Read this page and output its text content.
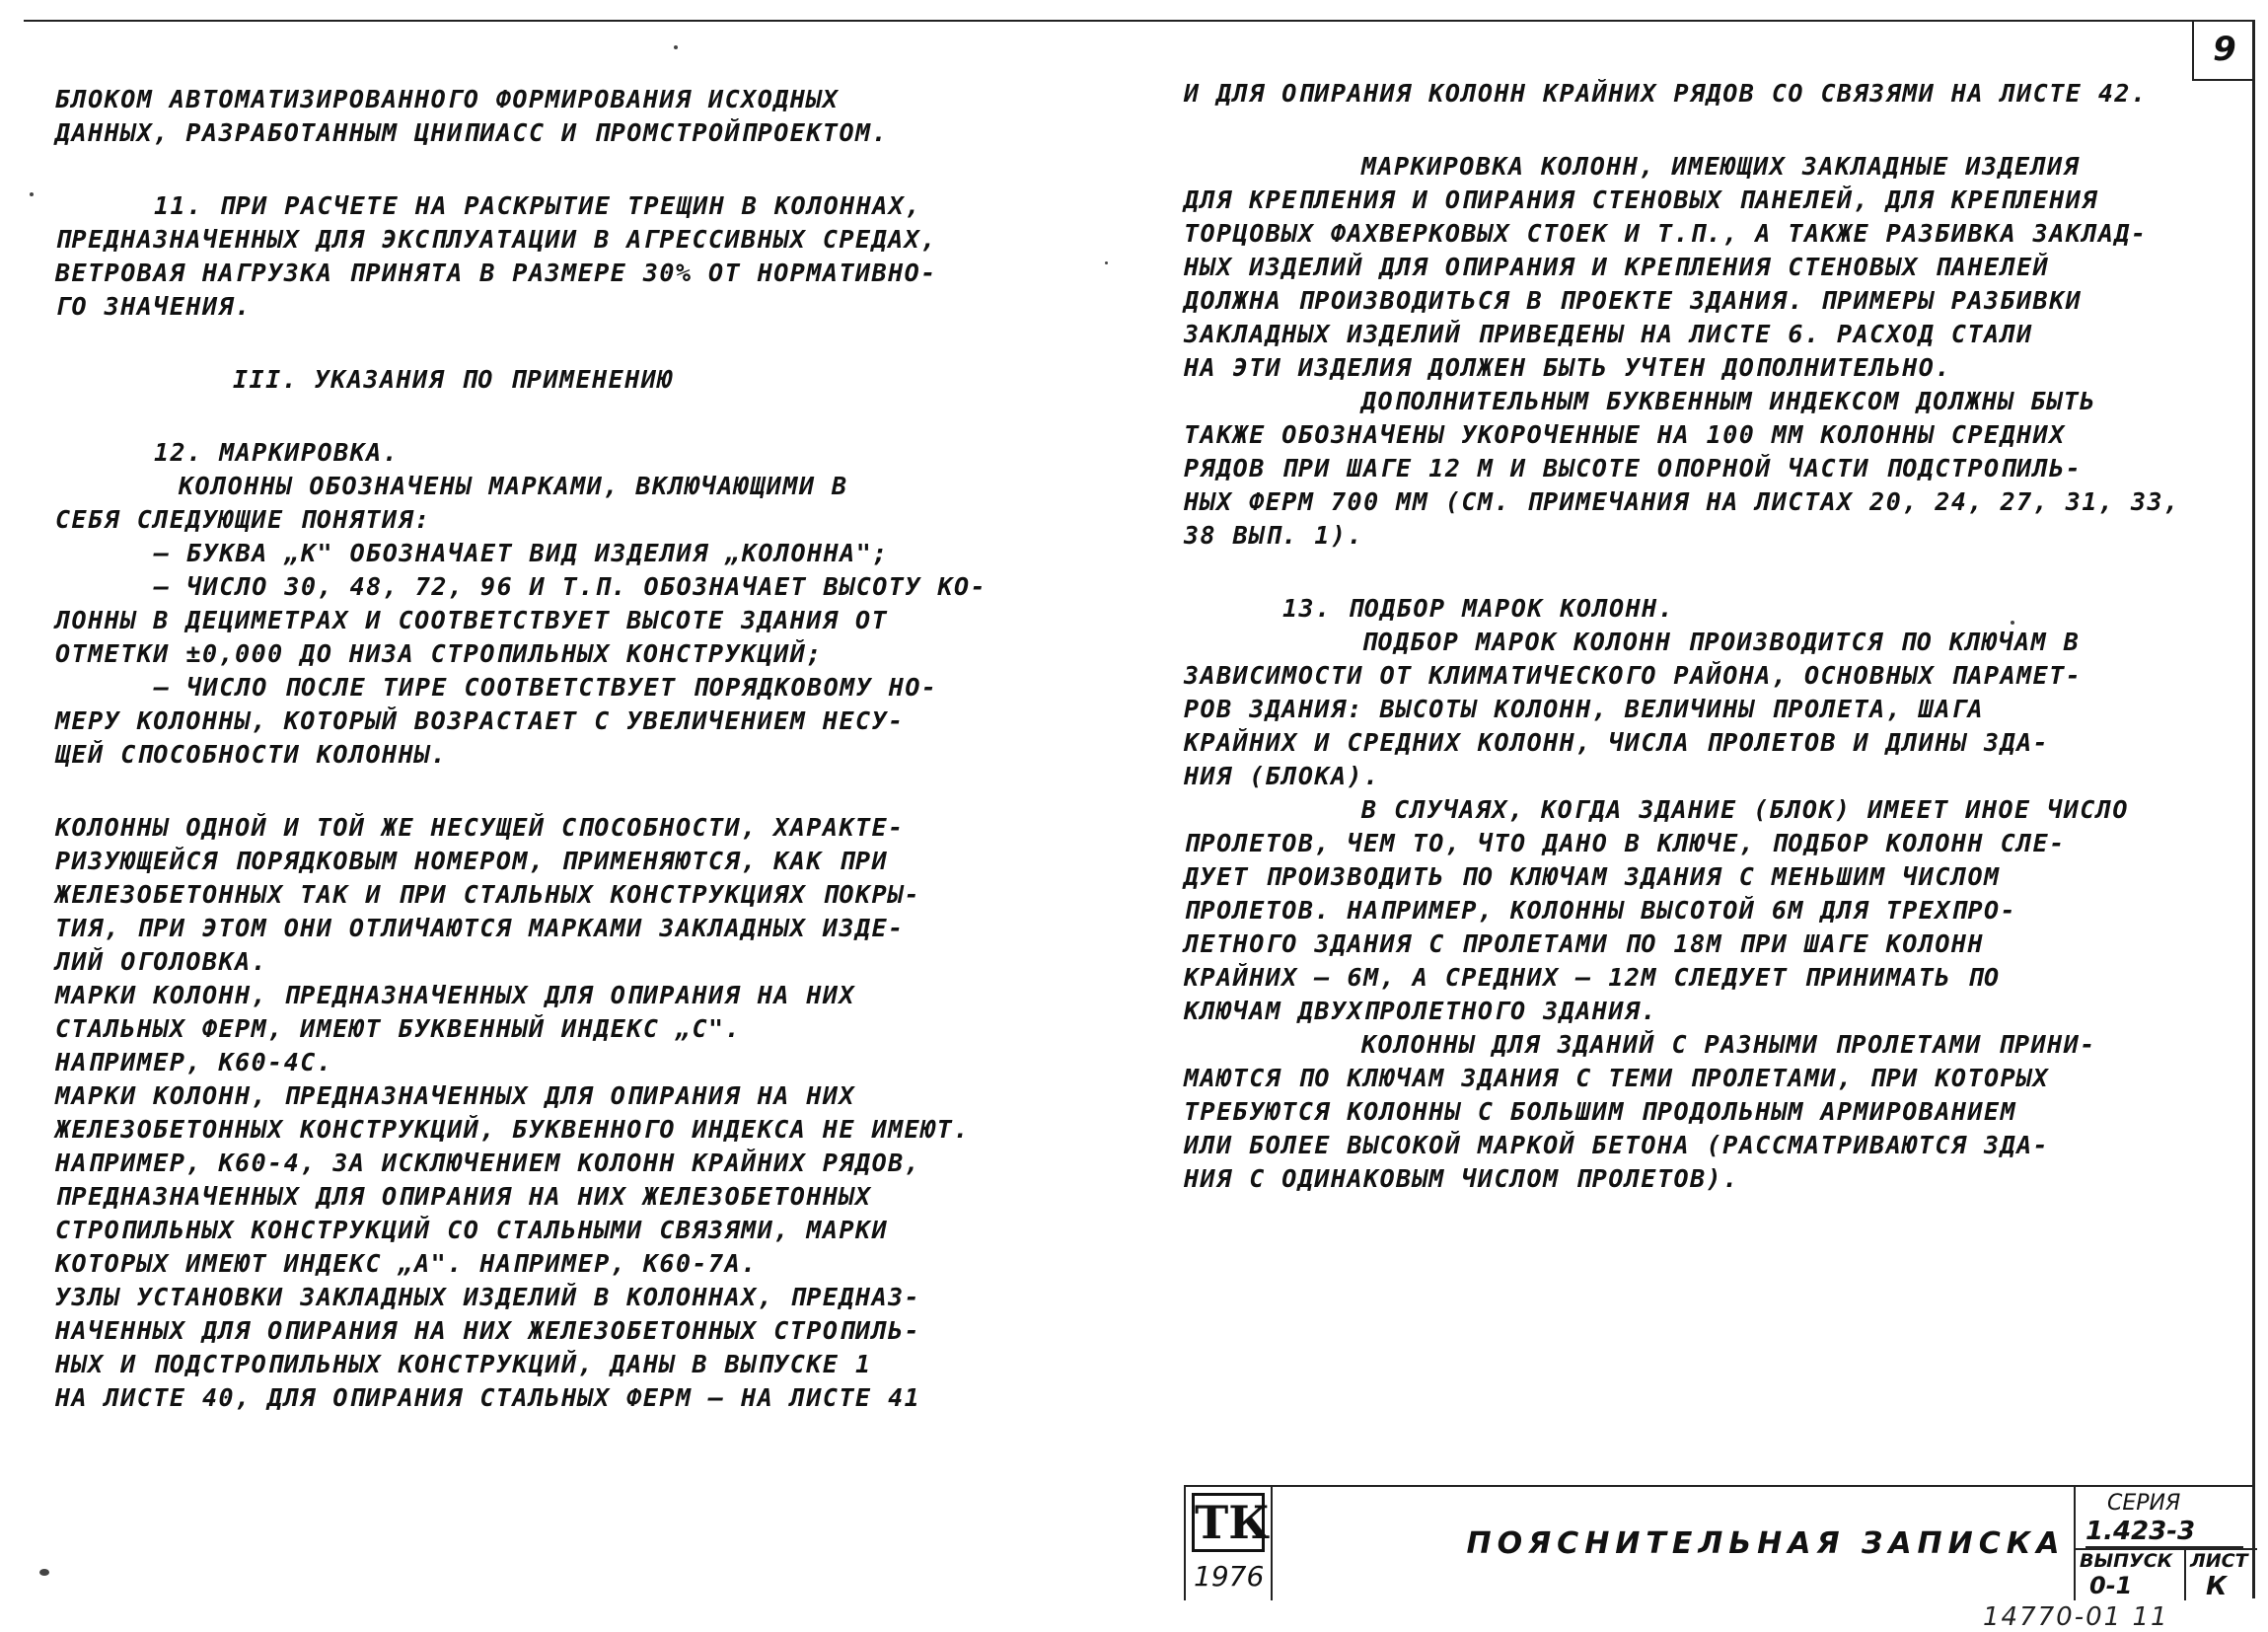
9
БЛОКОМ АВТОМАТИЗИРОВАННОГО ФОРМИРОВАНИЯ ИСХОДНЫХ
ДАННЫХ, РАЗРАБОТАННЫМ ЦНИПИАСС И ПРОМСТРОЙПРОЕКТОМ.
11. ПРИ РАСЧЕТЕ НА РАСКРЫТИЕ ТРЕЩИН В КОЛОННАХ,
ПРЕДНАЗНАЧЕННЫХ ДЛЯ ЭКСПЛУАТАЦИИ В АГРЕССИВНЫХ СРЕДАХ,
ВЕТРОВАЯ НАГРУЗКА ПРИНЯТА В РАЗМЕРЕ 30% ОТ НОРМАТИВНО-
ГО ЗНАЧЕНИЯ.
III. УКАЗАНИЯ ПО ПРИМЕНЕНИЮ
12. МАРКИРОВКА.
КОЛОННЫ ОБОЗНАЧЕНЫ МАРКАМИ, ВКЛЮЧАЮЩИМИ В
СЕБЯ СЛЕДУЮЩИЕ ПОНЯТИЯ:
— БУКВА „К" ОБОЗНАЧАЕТ ВИД ИЗДЕЛИЯ „КОЛОННА";
— ЧИСЛО 30, 48, 72, 96 И Т.П. ОБОЗНАЧАЕТ ВЫСОТУ КО-
ЛОННЫ В ДЕЦИМЕТРАХ И СООТВЕТСТВУЕТ ВЫСОТЕ ЗДАНИЯ ОТ
ОТМЕТКИ ±0,000 ДО НИЗА СТРОПИЛЬНЫХ КОНСТРУКЦИЙ;
— ЧИСЛО ПОСЛЕ ТИРЕ СООТВЕТСТВУЕТ ПОРЯДКОВОМУ НО-
МЕРУ КОЛОННЫ, КОТОРЫЙ ВОЗРАСТАЕТ С УВЕЛИЧЕНИЕМ НЕСУ-
ЩЕЙ СПОСОБНОСТИ КОЛОННЫ.
КОЛОННЫ ОДНОЙ И ТОЙ ЖЕ НЕСУЩЕЙ СПОСОБНОСТИ, ХАРАКТЕ-
РИЗУЮЩЕЙСЯ ПОРЯДКОВЫМ НОМЕРОМ, ПРИМЕНЯЮТСЯ, КАК ПРИ
ЖЕЛЕЗОБЕТОННЫХ ТАК И ПРИ СТАЛЬНЫХ КОНСТРУКЦИЯХ ПОКРЫ-
ТИЯ, ПРИ ЭТОМ ОНИ ОТЛИЧАЮТСЯ МАРКАМИ ЗАКЛАДНЫХ ИЗДЕ-
ЛИЙ ОГОЛОВКА.
МАРКИ КОЛОНН, ПРЕДНАЗНАЧЕННЫХ ДЛЯ ОПИРАНИЯ НА НИХ
СТАЛЬНЫХ ФЕРМ, ИМЕЮТ БУКВЕННЫЙ ИНДЕКС „С".
НАПРИМЕР, К60-4С.
МАРКИ КОЛОНН, ПРЕДНАЗНАЧЕННЫХ ДЛЯ ОПИРАНИЯ НА НИХ
ЖЕЛЕЗОБЕТОННЫХ КОНСТРУКЦИЙ, БУКВЕННОГО ИНДЕКСА НЕ ИМЕЮТ.
НАПРИМЕР, К60-4, ЗА ИСКЛЮЧЕНИЕМ КОЛОНН КРАЙНИХ РЯДОВ,
ПРЕДНАЗНАЧЕННЫХ ДЛЯ ОПИРАНИЯ НА НИХ ЖЕЛЕЗОБЕТОННЫХ
СТРОПИЛЬНЫХ КОНСТРУКЦИЙ СО СТАЛЬНЫМИ СВЯЗЯМИ, МАРКИ
КОТОРЫХ ИМЕЮТ ИНДЕКС „А". НАПРИМЕР, К60-7А.
УЗЛЫ УСТАНОВКИ ЗАКЛАДНЫХ ИЗДЕЛИЙ В КОЛОННАХ, ПРЕДНАЗ-
НАЧЕННЫХ ДЛЯ ОПИРАНИЯ НА НИХ ЖЕЛЕЗОБЕТОННЫХ СТРОПИЛЬ-
НЫХ И ПОДСТРОПИЛЬНЫХ КОНСТРУКЦИЙ, ДАНЫ В ВЫПУСКЕ 1
НА ЛИСТЕ 40, ДЛЯ ОПИРАНИЯ СТАЛЬНЫХ ФЕРМ — НА ЛИСТЕ 41
И ДЛЯ ОПИРАНИЯ КОЛОНН КРАЙНИХ РЯДОВ СО СВЯЗЯМИ НА ЛИСТЕ 42.
МАРКИРОВКА КОЛОНН, ИМЕЮЩИХ ЗАКЛАДНЫЕ ИЗДЕЛИЯ
ДЛЯ КРЕПЛЕНИЯ И ОПИРАНИЯ СТЕНОВЫХ ПАНЕЛЕЙ, ДЛЯ КРЕПЛЕНИЯ
ТОРЦОВЫХ ФАХВЕРКОВЫХ СТОЕК И Т.П., А ТАКЖЕ РАЗБИВКА ЗАКЛАД-
НЫХ ИЗДЕЛИЙ ДЛЯ ОПИРАНИЯ И КРЕПЛЕНИЯ СТЕНОВЫХ ПАНЕЛЕЙ
ДОЛЖНА ПРОИЗВОДИТЬСЯ В ПРОЕКТЕ ЗДАНИЯ. ПРИМЕРЫ РАЗБИВКИ
ЗАКЛАДНЫХ ИЗДЕЛИЙ ПРИВЕДЕНЫ НА ЛИСТЕ 6. РАСХОД СТАЛИ
НА ЭТИ ИЗДЕЛИЯ ДОЛЖЕН БЫТЬ УЧТЕН ДОПОЛНИТЕЛЬНО.
ДОПОЛНИТЕЛЬНЫМ БУКВЕННЫМ ИНДЕКСОМ ДОЛЖНЫ БЫТЬ
ТАКЖЕ ОБОЗНАЧЕНЫ УКОРОЧЕННЫЕ НА 100 ММ КОЛОННЫ СРЕДНИХ
РЯДОВ ПРИ ШАГЕ 12 М И ВЫСОТЕ ОПОРНОЙ ЧАСТИ ПОДСТРОПИЛЬ-
НЫХ ФЕРМ 700 ММ (СМ. ПРИМЕЧАНИЯ НА ЛИСТАХ 20, 24, 27, 31, 33,
38 ВЫП. 1).
13. ПОДБОР МАРОК КОЛОНН.
ПОДБОР МАРОК КОЛОНН ПРОИЗВОДИТСЯ ПО КЛЮЧАМ В
ЗАВИСИМОСТИ ОТ КЛИМАТИЧЕСКОГО РАЙОНА, ОСНОВНЫХ ПАРАМЕТ-
РОВ ЗДАНИЯ: ВЫСОТЫ КОЛОНН, ВЕЛИЧИНЫ ПРОЛЕТА, ШАГА
КРАЙНИХ И СРЕДНИХ КОЛОНН, ЧИСЛА ПРОЛЕТОВ И ДЛИНЫ ЗДА-
НИЯ (БЛОКА).
В СЛУЧАЯХ, КОГДА ЗДАНИЕ (БЛОК) ИМЕЕТ ИНОЕ ЧИСЛО
ПРОЛЕТОВ, ЧЕМ ТО, ЧТО ДАНО В КЛЮЧЕ, ПОДБОР КОЛОНН СЛЕ-
ДУЕТ ПРОИЗВОДИТЬ ПО КЛЮЧАМ ЗДАНИЯ С МЕНЬШИМ ЧИСЛОМ
ПРОЛЕТОВ. НАПРИМЕР, КОЛОННЫ ВЫСОТОЙ 6М ДЛЯ ТРЕХПРО-
ЛЕТНОГО ЗДАНИЯ С ПРОЛЕТАМИ ПО 18М ПРИ ШАГЕ КОЛОНН
КРАЙНИХ — 6М, А СРЕДНИХ — 12М СЛЕДУЕТ ПРИНИМАТЬ ПО
КЛЮЧАМ ДВУХПРОЛЕТНОГО ЗДАНИЯ.
КОЛОННЫ ДЛЯ ЗДАНИЙ С РАЗНЫМИ ПРОЛЕТАМИ ПРИНИ-
МАЮТСЯ ПО КЛЮЧАМ ЗДАНИЯ С ТЕМИ ПРОЛЕТАМИ, ПРИ КОТОРЫХ
ТРЕБУЮТСЯ КОЛОННЫ С БОЛЬШИМ ПРОДОЛЬНЫМ АРМИРОВАНИЕМ
ИЛИ БОЛЕЕ ВЫСОКОЙ МАРКОЙ БЕТОНА (РАССМАТРИВАЮТСЯ ЗДА-
НИЯ С ОДИНАКОВЫМ ЧИСЛОМ ПРОЛЕТОВ).
ТК
1976
ПОЯСНИТЕЛЬНАЯ ЗАПИСКА
СЕРИЯ
1.423-3
ВЫПУСК ЛИСТ
0-1	К
14770-01 11
